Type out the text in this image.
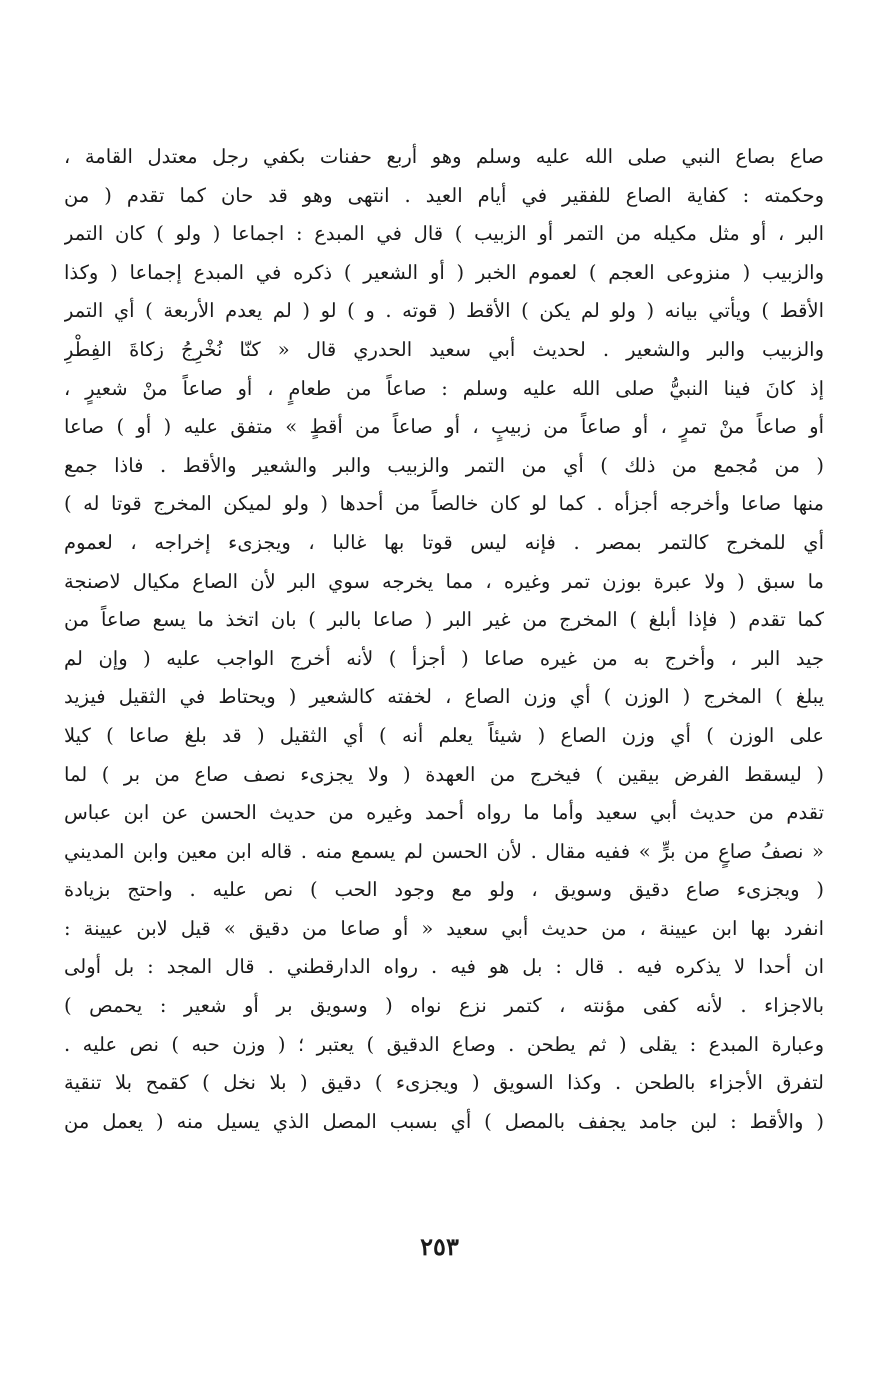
صاع بصاع النبي صلى الله عليه وسلم وهو أربع حفنات بكفي رجل معتدل القامة ،
وحكمته : كفاية الصاع للفقير في أيام العيد . انتهى وهو قد حان كما تقدم ( من
البر ، أو مثل مكيله من التمر أو الزبيب ) قال في المبدع : اجماعا ( ولو ) كان التمر
والزبيب ( منزوعى العجم ) لعموم الخبر ( أو الشعير ) ذكره في المبدع إجماعا ( وكذا
الأقط ) ويأتي بيانه ( ولو لم يكن ) الأقط ( قوته . و ) لو ( لم يعدم الأربعة ) أي التمر
والزبيب والبر والشعير . لحديث أبي سعيد الحدري قال « كنّا نُخْرِجُ زكاةَ الفِطْرِ
إذ كانَ فينا النبيُّ صلى الله عليه وسلم : صاعاً من طعامٍ ، أو صاعاً منْ شعيرٍ ،
أو صاعاً منْ تمرٍ ، أو صاعاً من زبيبٍ ، أو صاعاً من أقطٍ » متفق عليه ( أو ) صاعا
( من مُجمع من ذلك ) أي من التمر والزبيب والبر والشعير والأقط . فاذا جمع
منها صاعا وأخرجه أجزأه . كما لو كان خالصاً من أحدها ( ولو لميكن المخرج قوتا له )
أي للمخرج كالتمر بمصر . فإنه ليس قوتا بها غالبا ، ويجزىء إخراجه ، لعموم
ما سبق ( ولا عبرة بوزن تمر وغيره ، مما يخرجه سوي البر لأن الصاع مكيال لاصنجة
كما تقدم ( فإذا أبلغ ) المخرج من غير البر ( صاعا بالبر ) بان اتخذ ما يسع صاعاً من
جيد البر ، وأخرج به من غيره صاعا ( أجزأ ) لأنه أخرج الواجب عليه ( وإن لم
يبلغ ) المخرج ( الوزن ) أي وزن الصاع ، لخفته كالشعير ( ويحتاط في الثقيل فيزيد
على الوزن ) أي وزن الصاع ( شيئاً يعلم أنه ) أي الثقيل ( قد بلغ صاعا ) كيلا
( ليسقط الفرض بيقين ) فيخرج من العهدة ( ولا يجزىء نصف صاع من بر ) لما
تقدم من حديث أبي سعيد وأما ما رواه أحمد وغيره من حديث الحسن عن ابن عباس
« نصفُ صاعٍ من برٍّ » ففيه مقال . لأن الحسن لم يسمع منه . قاله ابن معين وابن المديني
( ويجزىء صاع دقيق وسويق ، ولو مع وجود الحب ) نص عليه . واحتج بزيادة
انفرد بها ابن عيينة ، من حديث أبي سعيد « أو صاعا من دقيق » قيل لابن عيينة :
ان أحدا لا يذكره فيه . قال : بل هو فيه . رواه الدارقطني . قال المجد : بل أولى
بالاجزاء . لأنه كفى مؤنته ، كتمر نزع نواه ( وسويق بر أو شعير : يحمص )
وعبارة المبدع : يقلى ( ثم يطحن . وصاع الدقيق ) يعتبر ؛ ( وزن حبه ) نص عليه .
لتفرق الأجزاء بالطحن . وكذا السويق ( ويجزىء ) دقيق ( بلا نخل ) كقمح بلا تنقية
( والأقط : لبن جامد يجفف بالمصل ) أي بسبب المصل الذي يسيل منه ( يعمل من
٢٥٣
